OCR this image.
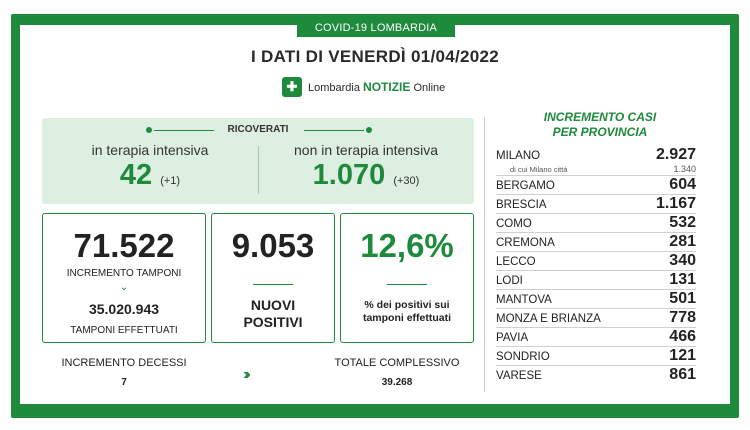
COVID-19 LOMBARDIA
I DATI DI VENERDÌ 01/04/2022
✚ Lombardia NOTIZIE Online
RICOVERATI
in terapia intensiva
42 (+1)
non in terapia intensiva
1.070 (+30)
71.522
INCREMENTO TAMPONI
⌄
35.020.943
TAMPONI EFFETTUATI
9.053
NUOVI
POSITIVI
12,6%
% dei positivi sui
tamponi effettuati
INCREMENTO DECESSI
7	›››
TOTALE COMPLESSIVO
39.268
INCREMENTO CASI
PER PROVINCIA
MILANO	2.927
di cui Milano città	1.340
BERGAMO	604
BRESCIA	1.167
COMO	532
CREMONA	281
LECCO	340
LODI	131
MANTOVA	501
MONZA E BRIANZA	778
PAVIA	466
SONDRIO	121
VARESE	861
